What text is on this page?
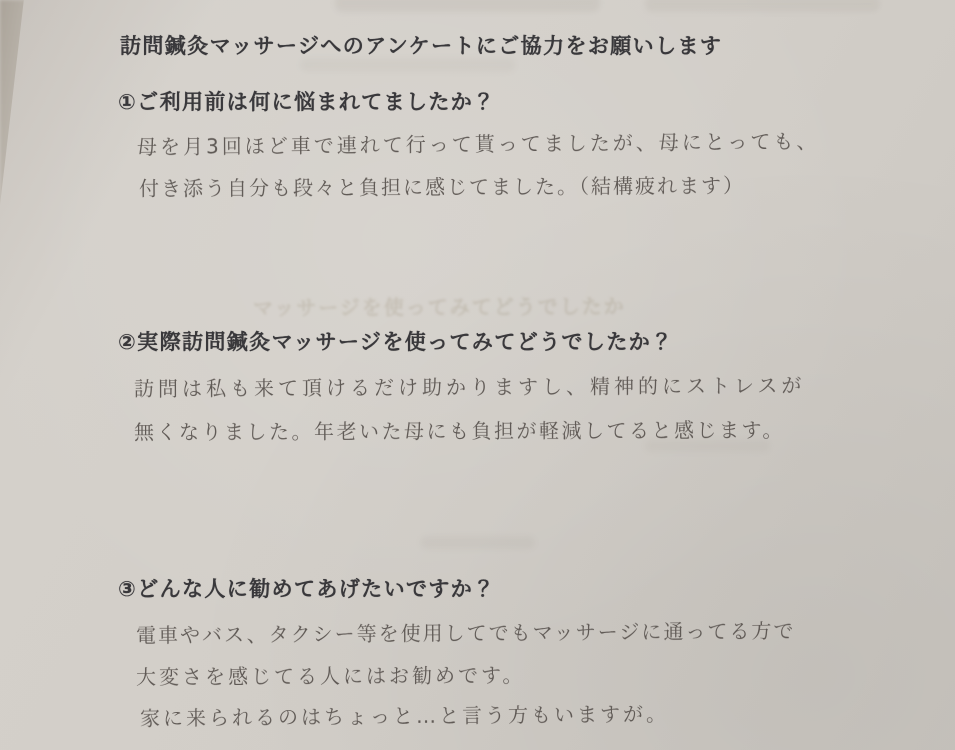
マッサージを使ってみてどうでしたか
訪問鍼灸マッサージへのアンケートにご協力をお願いします
①ご利用前は何に悩まれてましたか？
母を月3回ほど車で連れて行って貰ってましたが、母にとっても、
付き添う自分も段々と負担に感じてました。（結構疲れます）
②実際訪問鍼灸マッサージを使ってみてどうでしたか？
訪問は私も来て頂けるだけ助かりますし、精神的にストレスが
無くなりました。年老いた母にも負担が軽減してると感じます。
③どんな人に勧めてあげたいですか？
電車やバス、タクシー等を使用してでもマッサージに通ってる方で
大変さを感じてる人にはお勧めです。
家に来られるのはちょっと…と言う方もいますが。
